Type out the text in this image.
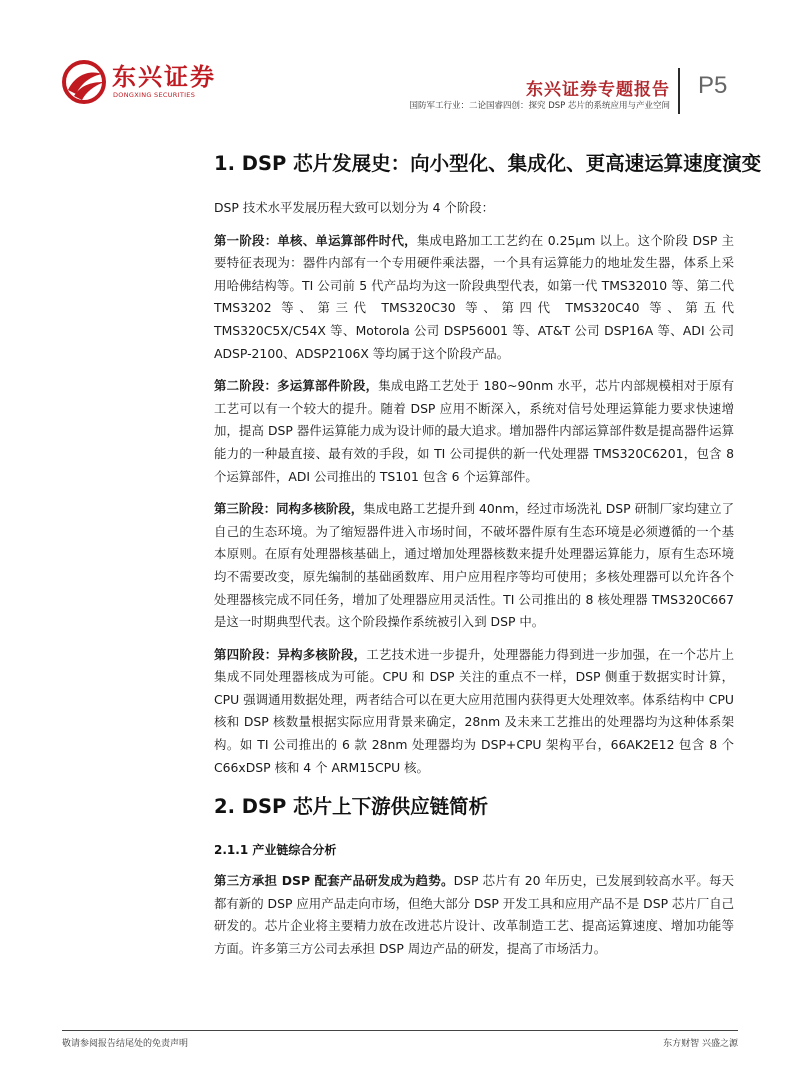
东兴证券
DONGXING SECURITIES	东兴证券专题报告
国防军工行业：二论国睿四创：探究 DSP 芯片的系统应用与产业空间
P5
1. DSP 芯片发展史：向小型化、集成化、更高速运算速度演变

DSP 技术水平发展历程大致可以划分为 4 个阶段：

第一阶段：单核、单运算部件时代，集成电路加工工艺约在 0.25μm 以上。这个阶段 DSP 主要特征表现为：器件内部有一个专用硬件乘法器，一个具有运算能力的地址发生器，体系上采用哈佛结构等。TI 公司前 5 代产品均为这一阶段典型代表，如第一代 TMS32010 等、第二代 TMS3202 等、第三代 TMS320C30 等、第四代 TMS320C40 等、第五代 TMS320C5X/C54X 等、Motorola 公司 DSP56001 等、AT&T 公司 DSP16A 等、ADI 公司 ADSP-2100、ADSP2106X 等均属于这个阶段产品。

第二阶段：多运算部件阶段，集成电路工艺处于 180~90nm 水平，芯片内部规模相对于原有工艺可以有一个较大的提升。随着 DSP 应用不断深入，系统对信号处理运算能力要求快速增加，提高 DSP 器件运算能力成为设计师的最大追求。增加器件内部运算部件数是提高器件运算能力的一种最直接、最有效的手段，如 TI 公司提供的新一代处理器 TMS320C6201，包含 8 个运算部件，ADI 公司推出的 TS101 包含 6 个运算部件。

第三阶段：同构多核阶段，集成电路工艺提升到 40nm，经过市场洗礼 DSP 研制厂家均建立了自己的生态环境。为了缩短器件进入市场时间，不破坏器件原有生态环境是必须遵循的一个基本原则。在原有处理器核基础上，通过增加处理器核数来提升处理器运算能力，原有生态环境均不需要改变，原先编制的基础函数库、用户应用程序等均可使用；多核处理器可以允许各个处理器核完成不同任务，增加了处理器应用灵活性。TI 公司推出的 8 核处理器 TMS320C667 是这一时期典型代表。这个阶段操作系统被引入到 DSP 中。

第四阶段：异构多核阶段，工艺技术进一步提升，处理器能力得到进一步加强，在一个芯片上集成不同处理器核成为可能。CPU 和 DSP 关注的重点不一样，DSP 侧重于数据实时计算，CPU 强调通用数据处理，两者结合可以在更大应用范围内获得更大处理效率。体系结构中 CPU 核和 DSP 核数量根据实际应用背景来确定，28nm 及未来工艺推出的处理器均为这种体系架构。如 TI 公司推出的 6 款 28nm 处理器均为 DSP+CPU 架构平台，66AK2E12 包含 8 个 C66xDSP 核和 4 个 ARM15CPU 核。

2. DSP 芯片上下游供应链简析
2.1.1 产业链综合分析

第三方承担 DSP 配套产品研发成为趋势。DSP 芯片有 20 年历史，已发展到较高水平。每天都有新的 DSP 应用产品走向市场，但绝大部分 DSP 开发工具和应用产品不是 DSP 芯片厂自己研发的。芯片企业将主要精力放在改进芯片设计、改革制造工艺、提高运算速度、增加功能等方面。许多第三方公司去承担 DSP 周边产品的研发，提高了市场活力。

敬请参阅报告结尾处的免责声明	东方财智 兴盛之源
